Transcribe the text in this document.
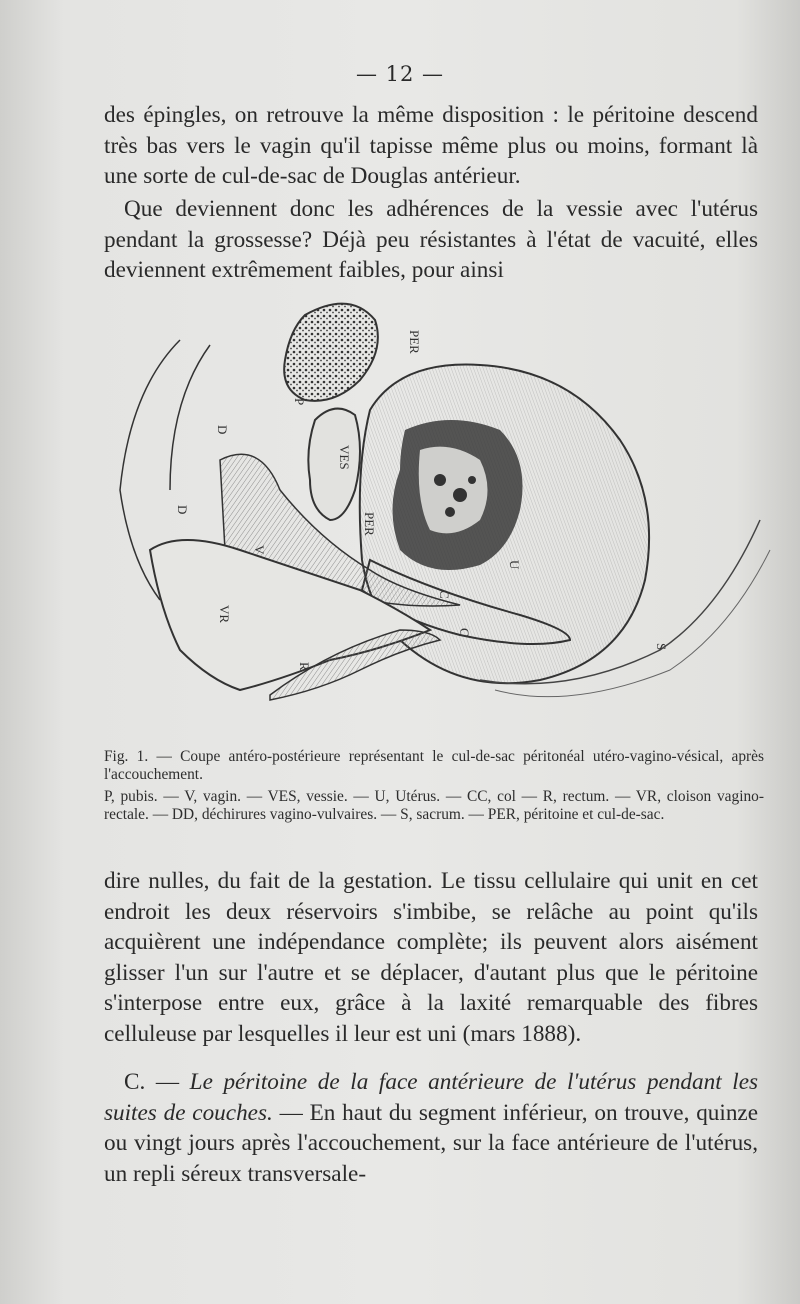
— 12 —

des épingles, on retrouve la même disposition : le péritoine descend très bas vers le vagin qu'il tapisse même plus ou moins, formant là une sorte de cul-de-sac de Douglas antérieur.

Que deviennent donc les adhérences de la vessie avec l'utérus pendant la grossesse? Déjà peu résistantes à l'état de vacuité, elles deviennent extrêmement faibles, pour ainsi

PER
P
D
VES
PER
D
V
VR
U
C
C
R
S
Fig. 1. — Coupe antéro-postérieure représentant le cul-de-sac péritonéal utéro-vagino-vésical, après l'accouchement.
P, pubis. — V, vagin. — VES, vessie. — U, Utérus. — CC, col — R, rectum. — VR, cloison vagino-rectale. — DD, déchirures vagino-vulvaires. — S, sacrum. — PER, péritoine et cul-de-sac.

dire nulles, du fait de la gestation. Le tissu cellulaire qui unit en cet endroit les deux réservoirs s'imbibe, se relâche au point qu'ils acquièrent une indépendance complète; ils peuvent alors aisément glisser l'un sur l'autre et se déplacer, d'autant plus que le péritoine s'interpose entre eux, grâce à la laxité remarquable des fibres celluleuse par lesquelles il leur est uni (mars 1888).

C. — Le péritoine de la face antérieure de l'utérus pendant les suites de couches. — En haut du segment inférieur, on trouve, quinze ou vingt jours après l'accouchement, sur la face antérieure de l'utérus, un repli séreux transversale-
